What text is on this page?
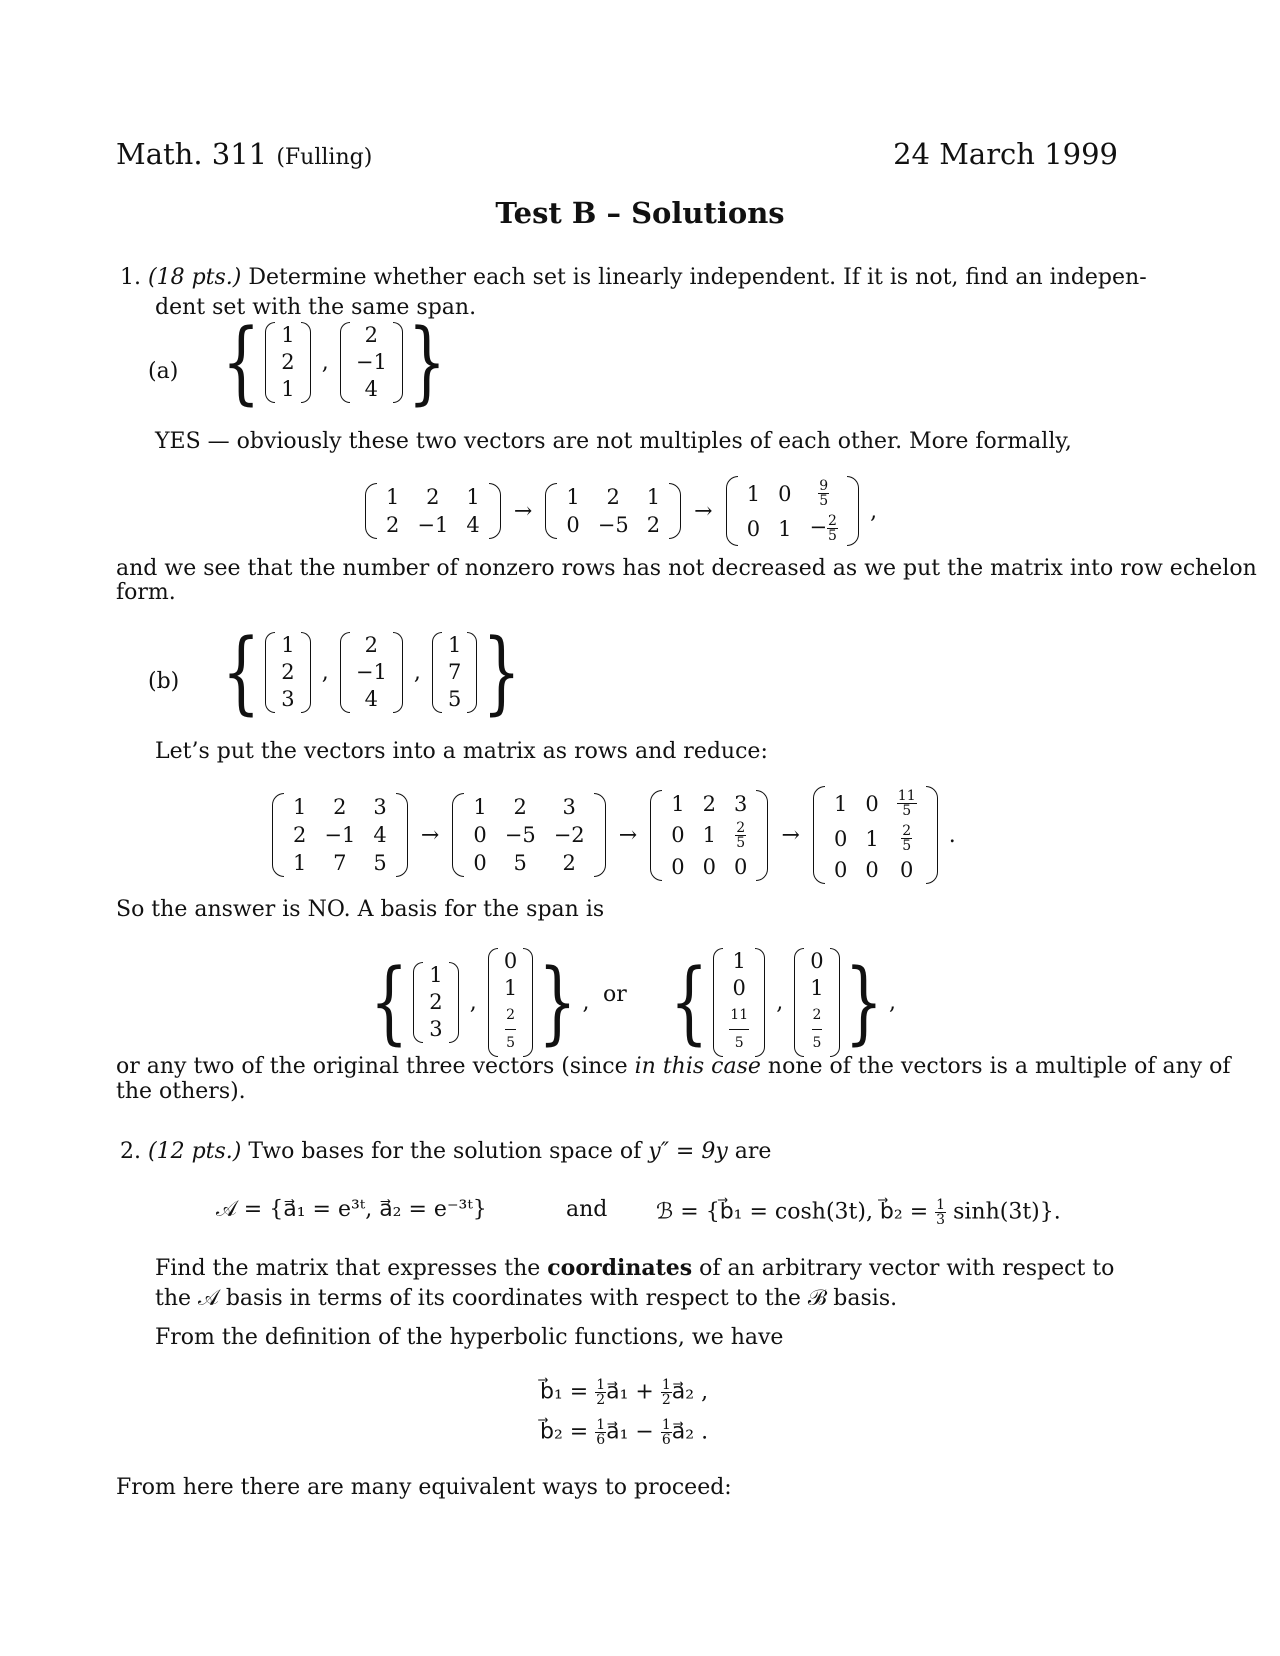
Math. 311 (Fulling)	24 March 1999
Test B – Solutions
1. (18 pts.) Determine whether each set is linearly independent. If it is not, find an indepen-
dent set with the same span.
(a) { 1
2
1
,
2
−1
4 }
YES — obviously these two vectors are not multiples of each other. More formally,
1	2	1
2	−1	4
→
1	2	1
0	−5	2
→
1	0	$\frac{9}{5}$

0	1	− $\frac{2}{5}$
,
and we see that the number of nonzero rows has not decreased as we put the matrix into row echelon
form.
(b) { 1
2
3
,
2
−1
4
,
1
7
5 }
Let’s put the vectors into a matrix as rows and reduce:
1	2	3
2	−1	4
1	7	5
→
1	2	3
0	−5	−2
0	5	2
→
1	2	3
0	1	$\frac{2}{5}$

0	0	0
→
1	0	$\frac{11}{5}$

0	1	$\frac{2}{5}$

0	0	0
.
So the answer is NO. A basis for the span is
{ 1
2
3
,
0
1
$\frac{2}{5}$ } , or { 1
0
$\frac{11}{5}$ ,
0
1
$\frac{2}{5}$ } ,
or any two of the original three vectors (since in this case none of the vectors is a multiple of any of
the others).
2. (12 pts.) Two bases for the solution space of y″ = 9y are
𝒜 = {a⃗₁ = e³ᵗ, a⃗₂ = e⁻³ᵗ}	and ℬ = {b⃗₁ = cosh(3t), b⃗₂ = $\frac{1}{3} \sinh(3t)$}.
Find the matrix that expresses the coordinates of an arbitrary vector with respect to
the 𝒜 basis in terms of its coordinates with respect to the ℬ basis.
From the definition of the hyperbolic functions, we have
b⃗₁ = $\frac{1}{2}$ a⃗₁ + $\frac{1}{2}$ a⃗₂ ,
b⃗₂ = $\frac{1}{6}$ a⃗₁ − $\frac{1}{6}$ a⃗₂ .
From here there are many equivalent ways to proceed:
